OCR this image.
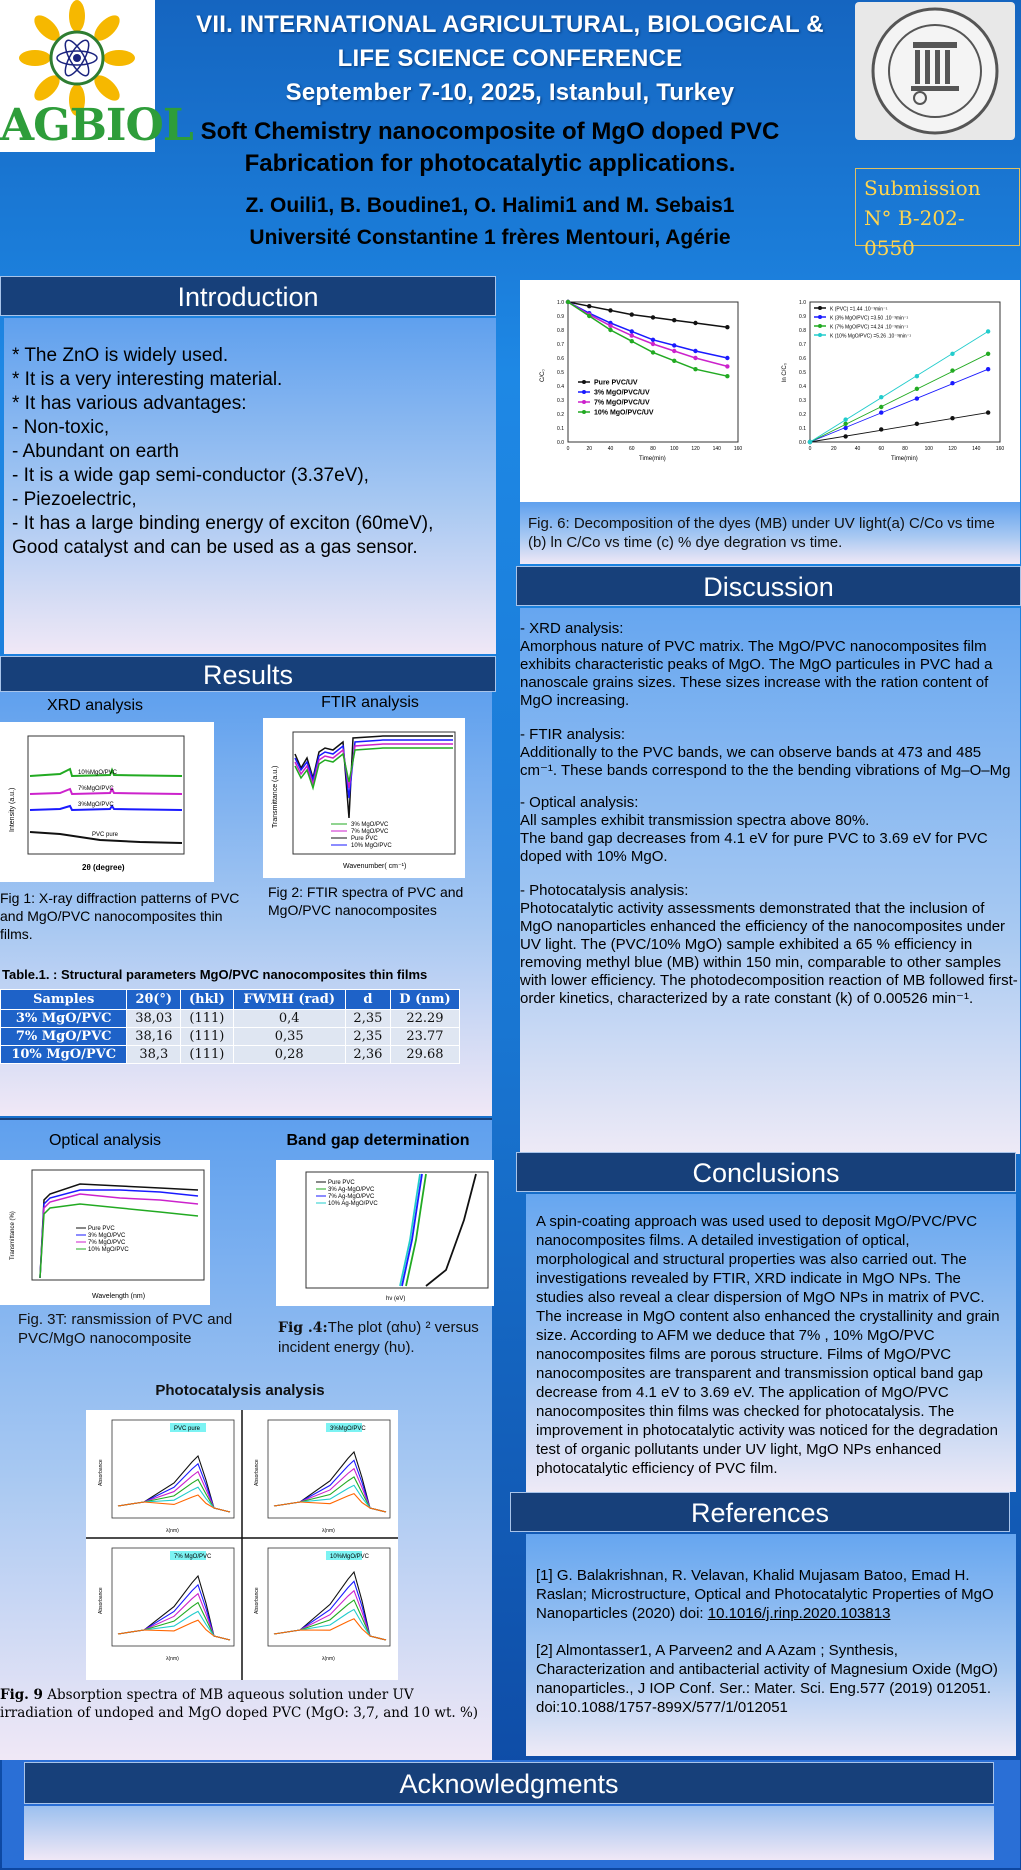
AGBIOL
VII. INTERNATIONAL AGRICULTURAL, BIOLOGICAL &
LIFE SCIENCE CONFERENCE
September 7-10, 2025, Istanbul, Turkey
Soft Chemistry nanocomposite of MgO doped PVC
Fabrication for photocatalytic applications.
Z. Ouili1, B. Boudine1, O. Halimi1 and M. Sebais1
Université Constantine 1 frères Mentouri, Agérie
Submission
N° B-202-0550
Introduction
* The ZnO is widely used.
* It is a very interesting material.
* It has various advantages:
- Non-toxic,
- Abundant on earth
- It is a wide gap semi-conductor (3.37eV),
- Piezoelectric,
- It has a large binding energy of exciton (60meV),
Good catalyst and can be used as a gas sensor.
Results
XRD analysis	FTIR analysis
10%MgO/PVC
7%MgO/PVC
3%MgO/PVC
PVC pure
2θ (degree)
Intensity (a.u.)
Pure PVC
10% MgO/PVC
7% MgO/PVC
3% MgO/PVC
Wavenumber( cm⁻¹)
Transmittance (a.u.)
Fig 1: X-ray diffraction patterns of PVC and MgO/PVC nanocomposites thin films.
Fig 2: FTIR spectra of PVC and MgO/PVC nanocomposites
Table.1. : Structural parameters MgO/PVC nanocomposites thin films
Samples	2θ(°)	(hkl)	FWMH (rad)	d	D (nm)
3% MgO/PVC	38,03	(111)	0,4	2,35	22.29
7% MgO/PVC	38,16	(111)	0,35	2,35	23.77
10% MgO/PVC	38,3	(111)	0,28	2,36	29.68
Optical analysis	Band gap determination
Pure PVC
3% MgO/PVC
7% MgO/PVC
10% MgO/PVC
Wavelength (nm)
Transmittance (%)
Pure PVC
3% Ag-MgO/PVC
7% Ag-MgO/PVC
10% Ag-MgO/PVC
hν (eV)
Fig. 3T: ransmission of PVC and PVC/MgO nanocomposite
Fig .4:The plot (αhυ) ² versus incident energy (hυ).
Photocatalysis analysis
PVC pure
λ(nm)
Absorbance
3%MgO/PVC
λ(nm)
Absorbance
7% MgO/PVC
λ(nm)
Absorbance
10%MgO/PVC
λ(nm)
Absorbance
Fig. 9 Absorption spectra of MB aqueous solution under UV irradiation of undoped and MgO doped PVC (MgO: 3,7, and 10 wt. %)
0.0
0.1
0.2
0.3
0.4
0.5
0.6
0.7
0.8
0.9
1.0
0	20	40	60	80	100	120	140	160
Pure PVC/UV
3% MgO/PVC/UV
7% MgO/PVC/UV
10% MgO/PVC/UV
Time(min)
C/C₀
0.0
0.1
0.2
0.3
0.4
0.5
0.6
0.7
0.8
0.9
1.0
0	20	40	60	80	100	120	140	160
K (PVC) =1.44 .10⁻³min⁻¹
K (3% MgO/PVC) =3.50 .10⁻³min⁻¹
K (7% MgO/PVC) =4.24 .10⁻³min⁻¹
K (10% MgO/PVC) =5.26 .10⁻³min⁻¹
Time(min)
ln C/C₀
Fig. 6: Decomposition of the dyes (MB) under UV light(a) C/Co vs time (b) ln C/Co vs time (c) % dye degration vs time.
Discussion
- XRD analysis:
Amorphous nature of PVC matrix. The MgO/PVC nanocomposites film exhibits characteristic peaks of MgO. The MgO particules in PVC had a nanoscale grains sizes. These sizes increase with the ration content of MgO increasing.
- FTIR analysis:
Additionally to the PVC bands, we can observe bands at 473 and 485 cm⁻¹. These bands correspond to the the bending vibrations of Mg–O–Mg
- Optical analysis:
All samples exhibit transmission spectra above 80%.
The band gap decreases from 4.1 eV for pure PVC to 3.69 eV for PVC doped with 10% MgO.
- Photocatalysis analysis:
Photocatalytic activity assessments demonstrated that the inclusion of MgO nanoparticles enhanced the efficiency of the nanocomposites under UV light. The (PVC/10% MgO) sample exhibited a 65 % efficiency in removing methyl blue (MB) within 150 min, comparable to other samples with lower efficiency. The photodecomposition reaction of MB followed first-order kinetics, characterized by a rate constant (k) of 0.00526 min⁻¹.
Conclusions
A spin-coating approach was used used to deposit MgO/PVC/PVC nanocomposites films. A detailed investigation of optical, morphological and structural properties was also carried out. The investigations revealed by FTIR, XRD indicate in MgO NPs. The studies also reveal a clear dispersion of MgO NPs in matrix of PVC. The increase in MgO content also enhanced the crystallinity and grain size. According to AFM we deduce that 7% , 10% MgO/PVC nanocomposites films are porous structure. Films of MgO/PVC nanocomposites are transparent and transmission optical band gap decrease from 4.1 eV to 3.69 eV. The application of MgO/PVC nanocomposites thin films was checked for photocatalysis. The improvement in photocatalytic activity was noticed for the degradation test of organic pollutants under UV light, MgO NPs enhanced photocatalytic efficiency of PVC film.
References
[1] G. Balakrishnan, R. Velavan, Khalid Mujasam Batoo, Emad H. Raslan; Microstructure, Optical and Photocatalytic Properties of MgO Nanoparticles (2020) doi: 10.1016/j.rinp.2020.103813
[2] Almontasser1, A Parveen2 and A Azam ; Synthesis, Characterization and antibacterial activity of Magnesium Oxide (MgO) nanoparticles., J IOP Conf. Ser.: Mater. Sci. Eng.577 (2019) 012051. doi:10.1088/1757-899X/577/1/012051
Acknowledgments
